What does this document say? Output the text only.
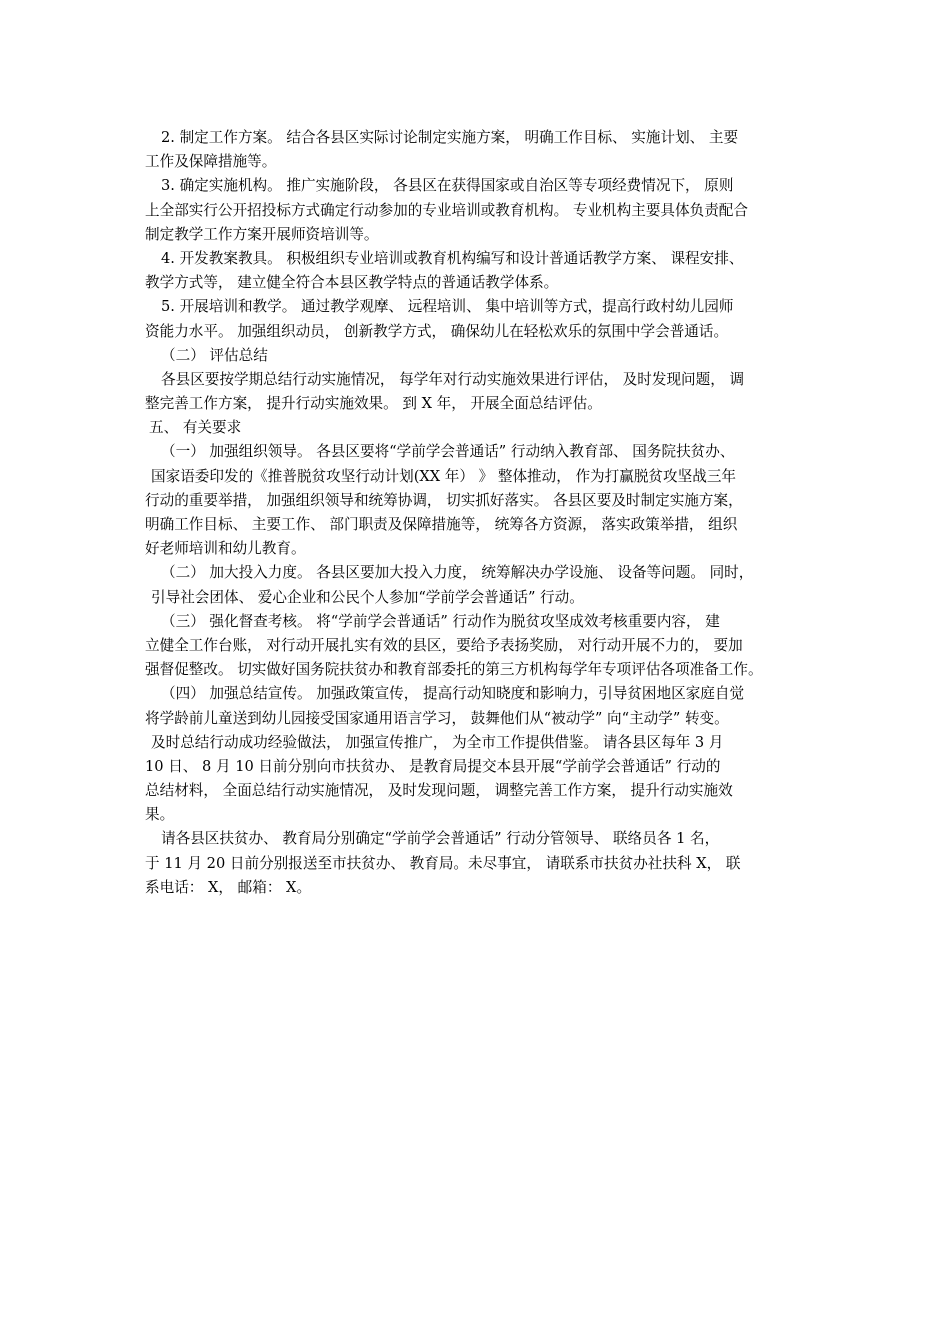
2. 制定工作方案。 结合各县区实际讨论制定实施方案， 明确工作目标、 实施计划、 主要
工作及保障措施等。
3. 确定实施机构。 推广实施阶段， 各县区在获得国家或自治区等专项经费情况下， 原则
上全部实行公开招投标方式确定行动参加的专业培训或教育机构。 专业机构主要具体负责配合
制定教学工作方案开展师资培训等。
4. 开发教案教具。 积极组织专业培训或教育机构编写和设计普通话教学方案、 课程安排、
教学方式等， 建立健全符合本县区教学特点的普通话教学体系。
5. 开展培训和教学。 通过教学观摩、 远程培训、 集中培训等方式，提高行政村幼儿园师
资能力水平。 加强组织动员， 创新教学方式， 确保幼儿在轻松欢乐的氛围中学会普通话。
（二） 评估总结
各县区要按学期总结行动实施情况， 每学年对行动实施效果进行评估， 及时发现问题， 调
整完善工作方案， 提升行动实施效果。 到 X 年， 开展全面总结评估。
五、 有关要求
（一） 加强组织领导。 各县区要将“学前学会普通话” 行动纳入教育部、 国务院扶贫办、
国家语委印发的《推普脱贫攻坚行动计划(XX 年） 》 整体推动， 作为打赢脱贫攻坚战三年
行动的重要举措， 加强组织领导和统筹协调， 切实抓好落实。 各县区要及时制定实施方案，
明确工作目标、 主要工作、 部门职责及保障措施等， 统筹各方资源， 落实政策举措， 组织
好老师培训和幼儿教育。
（二） 加大投入力度。 各县区要加大投入力度， 统筹解决办学设施、 设备等问题。 同时，
引导社会团体、 爱心企业和公民个人参加“学前学会普通话” 行动。
（三） 强化督查考核。 将“学前学会普通话” 行动作为脱贫攻坚成效考核重要内容， 建
立健全工作台账， 对行动开展扎实有效的县区，要给予表扬奖励， 对行动开展不力的， 要加
强督促整改。 切实做好国务院扶贫办和教育部委托的第三方机构每学年专项评估各项准备工作。
（四） 加强总结宣传。 加强政策宣传， 提高行动知晓度和影响力，引导贫困地区家庭自觉
将学龄前儿童送到幼儿园接受国家通用语言学习， 鼓舞他们从“被动学” 向“主动学” 转变。
及时总结行动成功经验做法， 加强宣传推广， 为全市工作提供借鉴。 请各县区每年 3 月
10 日、 8 月 10 日前分别向市扶贫办、 是教育局提交本县开展“学前学会普通话” 行动的
总结材料， 全面总结行动实施情况， 及时发现问题， 调整完善工作方案， 提升行动实施效
果。
请各县区扶贫办、 教育局分别确定“学前学会普通话” 行动分管领导、 联络员各 1 名，
于 11 月 20 日前分别报送至市扶贫办、 教育局。未尽事宜， 请联系市扶贫办社扶科 X， 联
系电话： X， 邮箱： X。
